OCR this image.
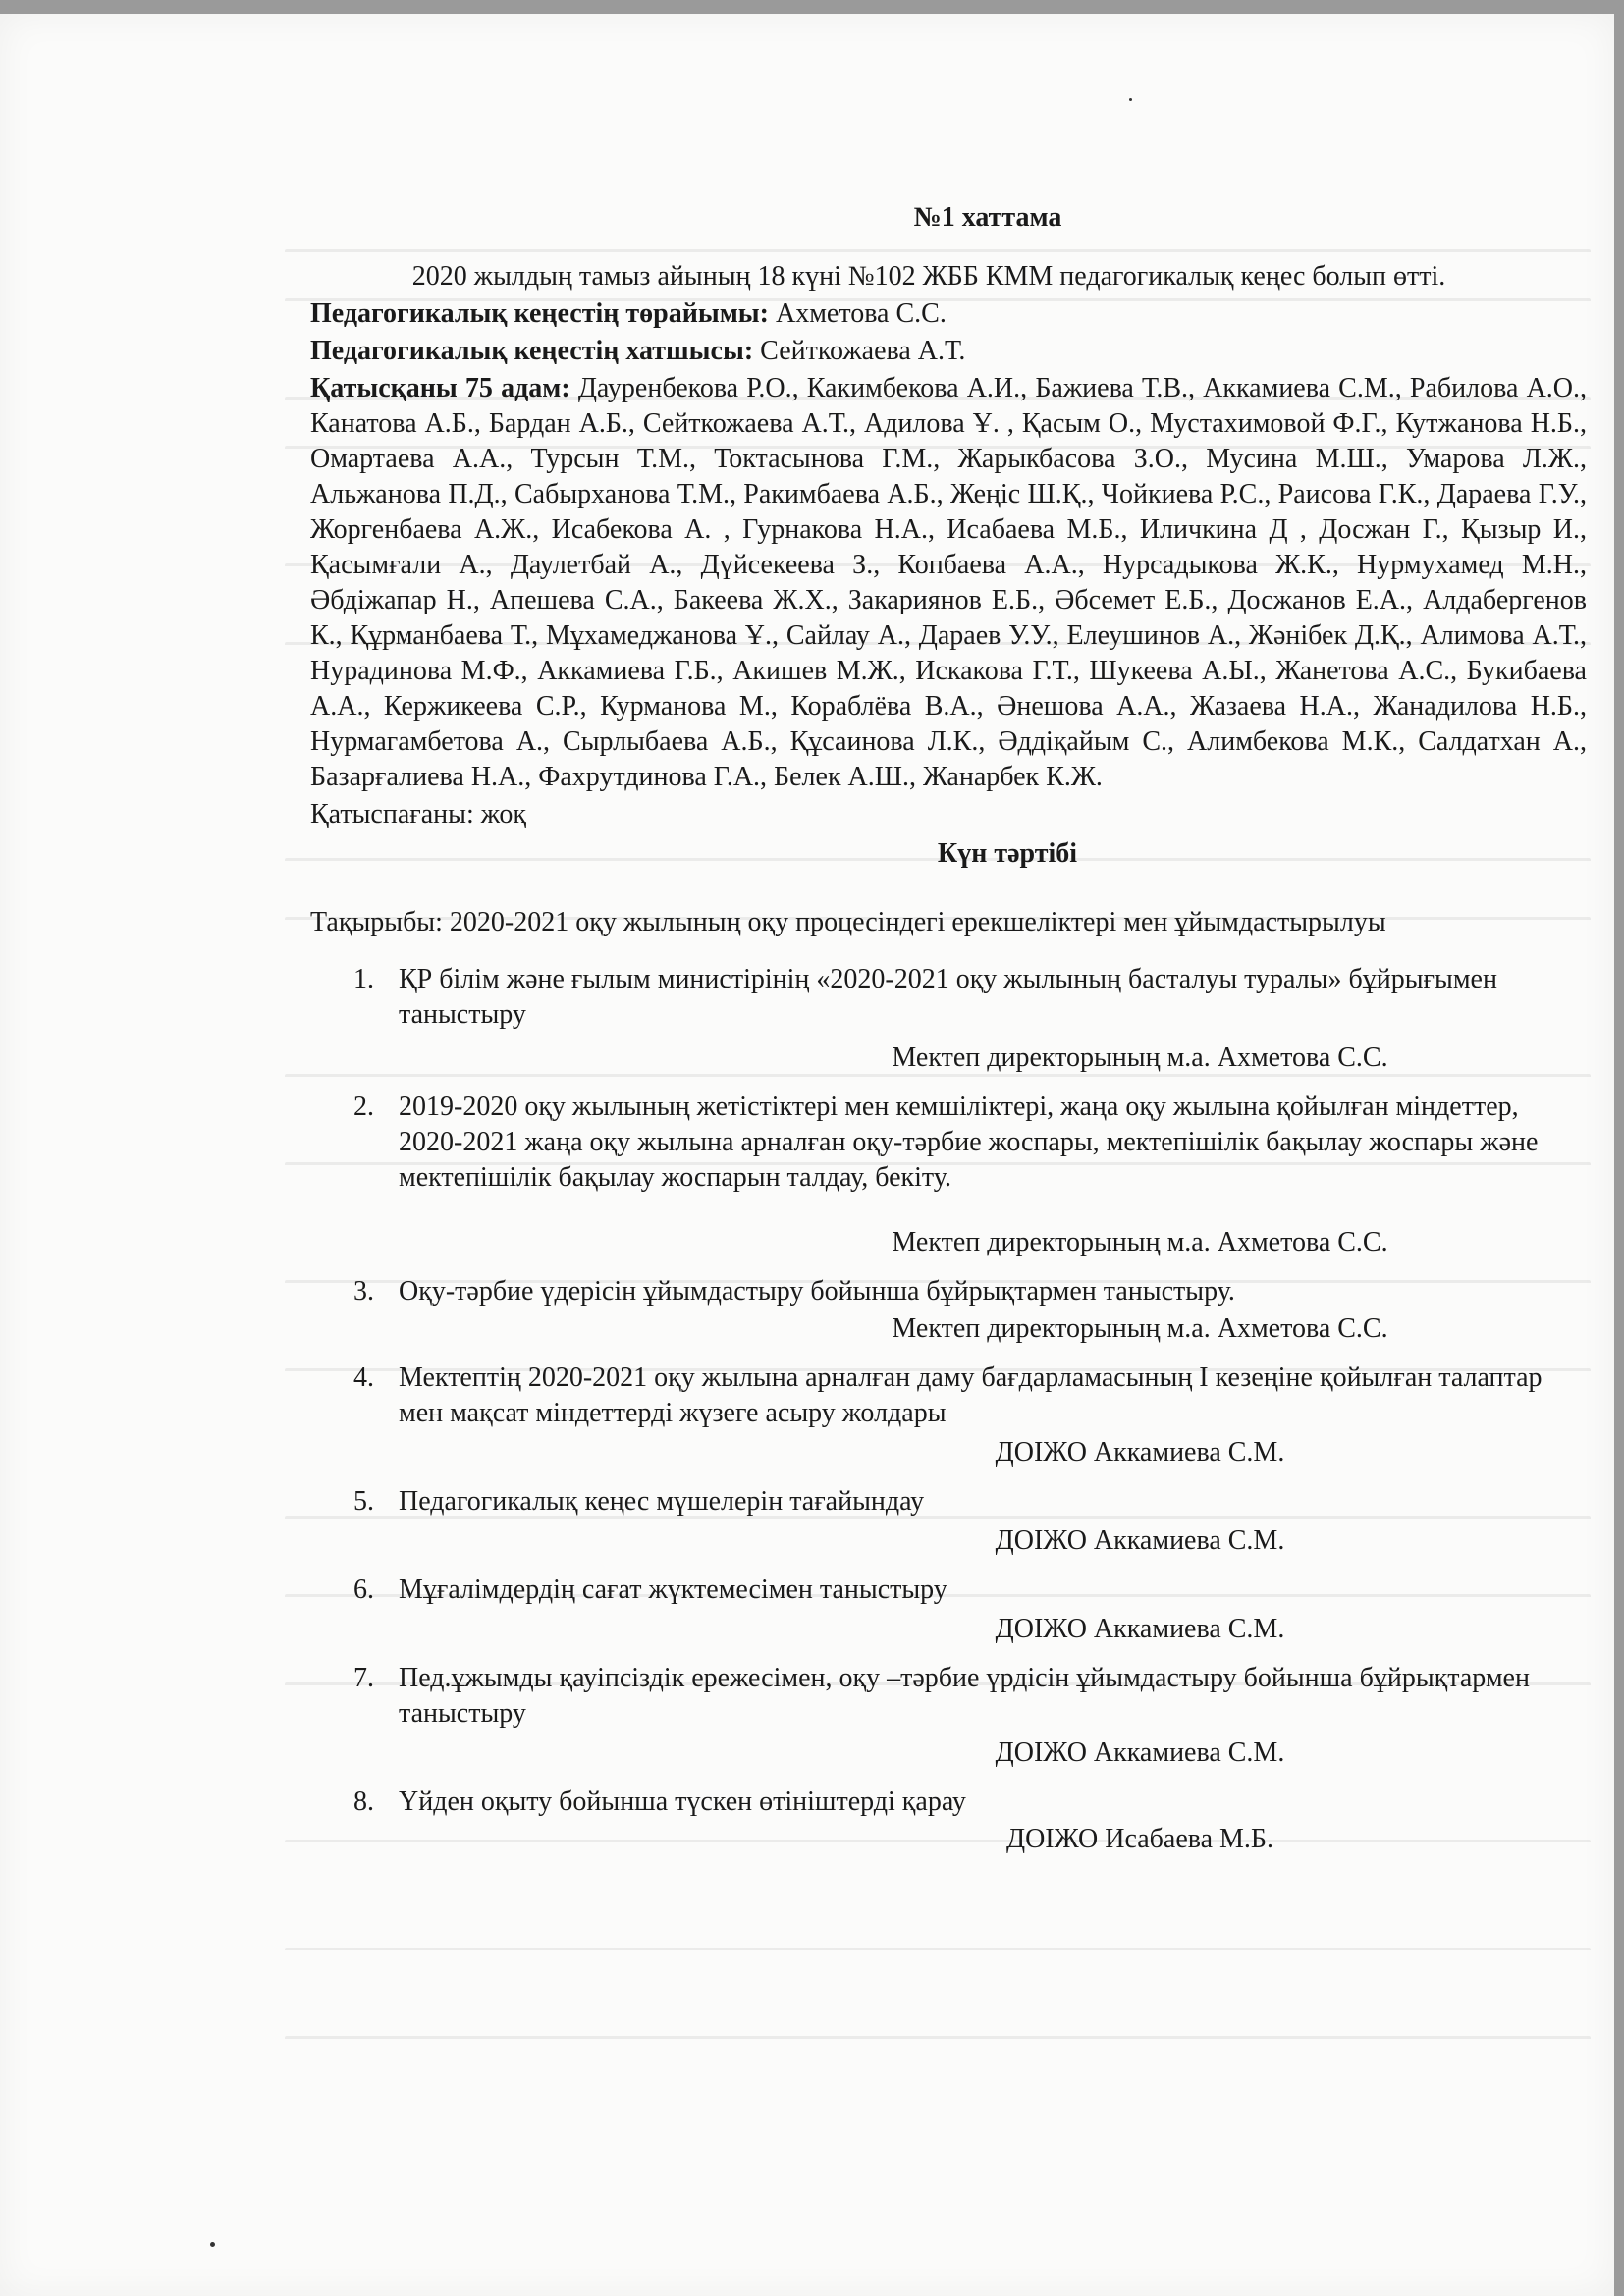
№1 хаттама

2020 жылдың тамыз айының 18 күні №102 ЖББ КММ педагогикалық кеңес болып өтті.

Педагогикалық кеңестің төрайымы: Ахметова С.С.

Педагогикалық кеңестің хатшысы: Сейткожаева А.Т.

Қатысқаны 75 адам: Дауренбекова Р.О., Какимбекова А.И., Бажиева Т.В., Аккамиева С.М., Рабилова А.О., Канатова А.Б., Бардан А.Б., Сейткожаева А.Т., Адилова Ұ. , Қасым О., Мустахимовой Ф.Г., Кутжанова Н.Б., Омартаева А.А., Турсын Т.М., Токтасынова Г.М., Жарыкбасова З.О., Мусина М.Ш., Умарова Л.Ж., Альжанова П.Д., Сабырханова Т.М., Ракимбаева А.Б., Жеңіс Ш.Қ., Чойкиева Р.С., Раисова Г.К., Дараева Г.У., Жоргенбаева А.Ж., Исабекова А. , Гурнакова Н.А., Исабаева М.Б., Иличкина Д , Досжан Г., Қызыр И., Қасымғали А., Даулетбай А., Дүйсекеева З., Копбаева А.А., Нурсадыкова Ж.К., Нурмухамед М.Н., Әбдіжапар Н., Апешева С.А., Бакеева Ж.Х., Закариянов Е.Б., Әбсемет Е.Б., Досжанов Е.А., Алдабергенов К., Құрманбаева Т., Мұхамеджанова Ұ., Сайлау А., Дараев У.У., Елеушинов А., Жәнібек Д.Қ., Алимова А.Т., Нурадинова М.Ф., Аккамиева Г.Б., Акишев М.Ж., Искакова Г.Т., Шукеева А.Ы., Жанетова А.С., Букибаева А.А., Кержикеева С.Р., Курманова М., Кораблёва В.А., Әнешова А.А., Жазаева Н.А., Жанадилова Н.Б., Нурмагамбетова А., Сырлыбаева А.Б., Құсаинова Л.К., Әддіқайым С., Алимбекова М.К., Салдатхан А., Базарғалиева Н.А., Фахрутдинова Г.А., Белек А.Ш., Жанарбек К.Ж.

Қатыспағаны: жоқ

Күн тәртібі

Тақырыбы: 2020-2021 оқу жылының оқу процесіндегі ерекшеліктері мен ұйымдастырылуы

1. ҚР білім және ғылым министірінің «2020-2021 оқу жылының басталуы туралы» бұйрығымен таныстыру

Мектеп директорының м.а. Ахметова С.С.

2. 2019-2020 оқу жылының жетістіктері мен кемшіліктері, жаңа оқу жылына қойылған міндеттер, 2020-2021 жаңа оқу жылына арналған оқу-тәрбие жоспары, мектепішілік бақылау жоспары және мектепішілік бақылау жоспарын талдау, бекіту.

Мектеп директорының м.а. Ахметова С.С.

3. Оқу-тәрбие үдерісін ұйымдастыру бойынша бұйрықтармен таныстыру.

Мектеп директорының м.а. Ахметова С.С.

4. Мектептің 2020-2021 оқу жылына арналған даму бағдарламасының І кезеңіне қойылған талаптар мен мақсат міндеттерді жүзеге асыру жолдары

ДОІЖО Аккамиева С.М.

5. Педагогикалық кеңес мүшелерін тағайындау

ДОІЖО Аккамиева С.М.

6. Мұғалімдердің сағат жүктемесімен таныстыру

ДОІЖО Аккамиева С.М.

7. Пед.ұжымды қауіпсіздік ережесімен, оқу –тәрбие үрдісін ұйымдастыру бойынша бұйрықтармен таныстыру

ДОІЖО Аккамиева С.М.

8. Үйден оқыту бойынша түскен өтініштерді қарау

ДОІЖО Исабаева М.Б.
